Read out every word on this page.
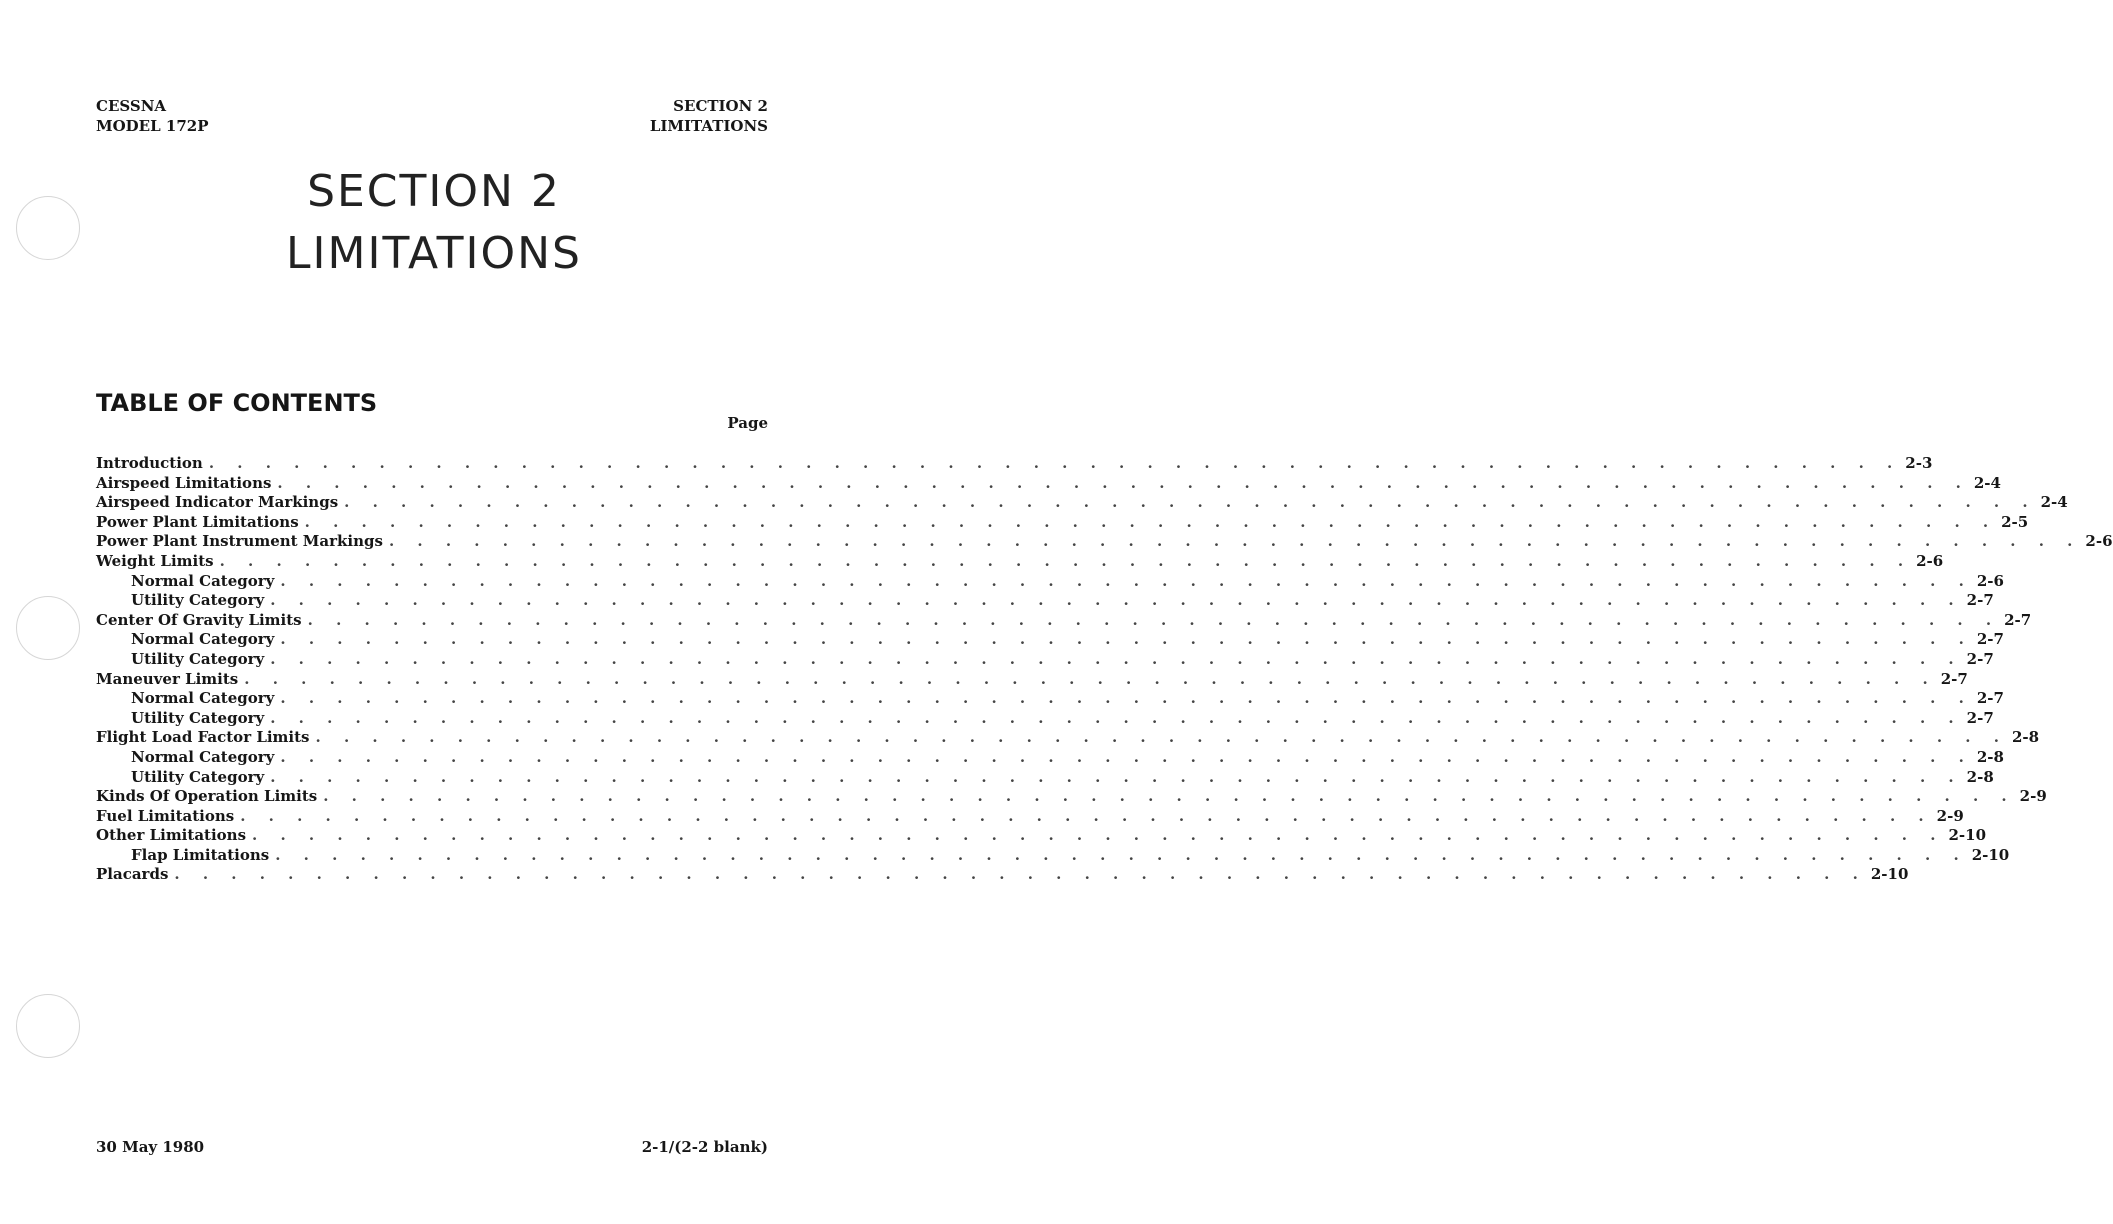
CESSNA
MODEL 172P
SECTION 2
LIMITATIONS
SECTION 2
LIMITATIONS
TABLE OF CONTENTS
Page
Introduction . . . . . . . . . . . . . . . . . . . . . . . . . . . . . . . . . . . . . . . . . . . . . . . . . . . . . . . . . . . . 2-3
Airspeed Limitations . . . . . . . . . . . . . . . . . . . . . . . . . . . . . . . . . . . . . . . . . . . . . . . . . . . . . . . . . . . . 2-4
Airspeed Indicator Markings . . . . . . . . . . . . . . . . . . . . . . . . . . . . . . . . . . . . . . . . . . . . . . . . . . . . . . . . . . . . 2-4
Power Plant Limitations . . . . . . . . . . . . . . . . . . . . . . . . . . . . . . . . . . . . . . . . . . . . . . . . . . . . . . . . . . . . 2-5
Power Plant Instrument Markings . . . . . . . . . . . . . . . . . . . . . . . . . . . . . . . . . . . . . . . . . . . . . . . . . . . . . . . . . . . . 2-6
Weight Limits . . . . . . . . . . . . . . . . . . . . . . . . . . . . . . . . . . . . . . . . . . . . . . . . . . . . . . . . . . . . 2-6
Normal Category . . . . . . . . . . . . . . . . . . . . . . . . . . . . . . . . . . . . . . . . . . . . . . . . . . . . . . . . . . . . 2-6
Utility Category . . . . . . . . . . . . . . . . . . . . . . . . . . . . . . . . . . . . . . . . . . . . . . . . . . . . . . . . . . . . 2-7
Center Of Gravity Limits . . . . . . . . . . . . . . . . . . . . . . . . . . . . . . . . . . . . . . . . . . . . . . . . . . . . . . . . . . . . 2-7
Normal Category . . . . . . . . . . . . . . . . . . . . . . . . . . . . . . . . . . . . . . . . . . . . . . . . . . . . . . . . . . . . 2-7
Utility Category . . . . . . . . . . . . . . . . . . . . . . . . . . . . . . . . . . . . . . . . . . . . . . . . . . . . . . . . . . . . 2-7
Maneuver Limits . . . . . . . . . . . . . . . . . . . . . . . . . . . . . . . . . . . . . . . . . . . . . . . . . . . . . . . . . . . . 2-7
Normal Category . . . . . . . . . . . . . . . . . . . . . . . . . . . . . . . . . . . . . . . . . . . . . . . . . . . . . . . . . . . . 2-7
Utility Category . . . . . . . . . . . . . . . . . . . . . . . . . . . . . . . . . . . . . . . . . . . . . . . . . . . . . . . . . . . . 2-7
Flight Load Factor Limits . . . . . . . . . . . . . . . . . . . . . . . . . . . . . . . . . . . . . . . . . . . . . . . . . . . . . . . . . . . . 2-8
Normal Category . . . . . . . . . . . . . . . . . . . . . . . . . . . . . . . . . . . . . . . . . . . . . . . . . . . . . . . . . . . . 2-8
Utility Category . . . . . . . . . . . . . . . . . . . . . . . . . . . . . . . . . . . . . . . . . . . . . . . . . . . . . . . . . . . . 2-8
Kinds Of Operation Limits . . . . . . . . . . . . . . . . . . . . . . . . . . . . . . . . . . . . . . . . . . . . . . . . . . . . . . . . . . . . 2-9
Fuel Limitations . . . . . . . . . . . . . . . . . . . . . . . . . . . . . . . . . . . . . . . . . . . . . . . . . . . . . . . . . . . . 2-9
Other Limitations . . . . . . . . . . . . . . . . . . . . . . . . . . . . . . . . . . . . . . . . . . . . . . . . . . . . . . . . . . . . 2-10
Flap Limitations . . . . . . . . . . . . . . . . . . . . . . . . . . . . . . . . . . . . . . . . . . . . . . . . . . . . . . . . . . . . 2-10
Placards . . . . . . . . . . . . . . . . . . . . . . . . . . . . . . . . . . . . . . . . . . . . . . . . . . . . . . . . . . . . 2-10
30 May 1980	2-1/(2-2 blank)
